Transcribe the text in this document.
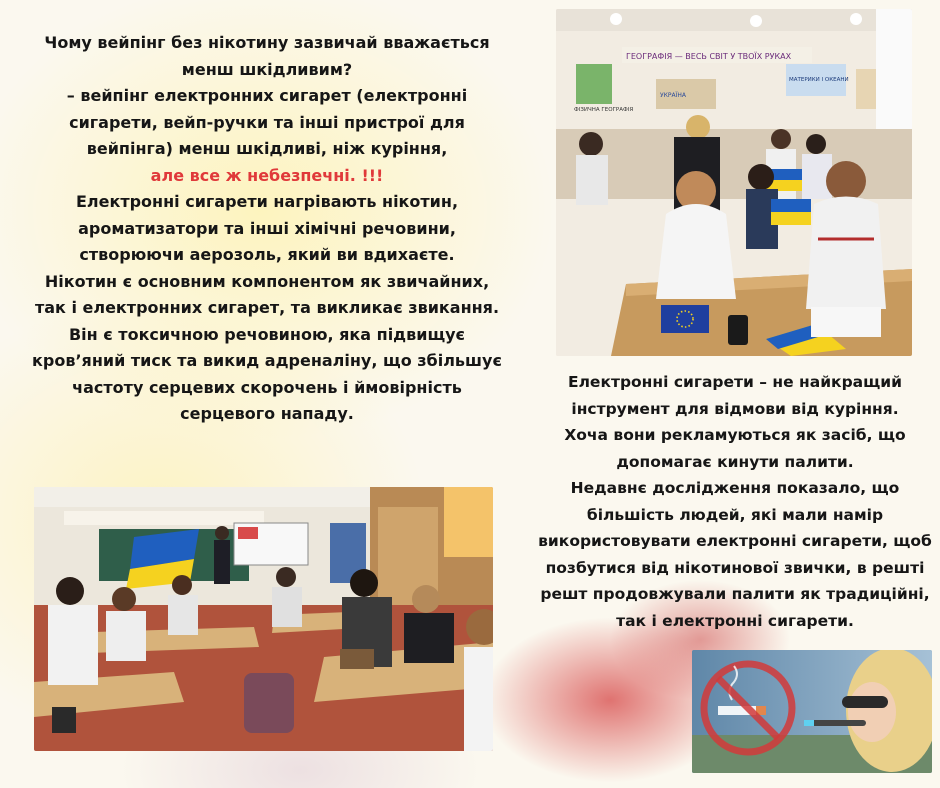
Чому вейпінг без нікотину зазвичай вважається менш шкідливим?

– вейпінг електронних сигарет (електронні сигарети, вейп-ручки та інші пристрої для вейпінга) менш шкідливі, ніж куріння,

але все ж небезпечні. !!!

Електронні сигарети нагрівають нікотин, ароматизатори та інші хімічні речовини, створюючи аерозоль, який ви вдихаєте.

Нікотин є основним компонентом як звичайних, так і електронних сигарет, та викликає звикання.

Він є токсичною речовиною, яка підвищує кров’яний тиск та викид адреналіну, що збільшує частоту серцевих скорочень і ймовірність серцевого нападу.

Електронні сигарети – не найкращий інструмент для відмови від куріння.

Хоча вони рекламуються як засіб, що допомагає кинути палити.

Недавнє дослідження показало, що більшість людей, які мали намір використовувати електронні сигарети, щоб позбутися від нікотинової звички, в решті решт продовжували палити як традиційні, так і електронні сигарети.

ГЕОГРАФІЯ — ВЕСЬ СВІТ У ТВОЇХ РУКАХ
ФІЗИЧНА ГЕОГРАФІЯ
МАТЕРИКИ І ОКЕАНИ
УКРАЇНА
